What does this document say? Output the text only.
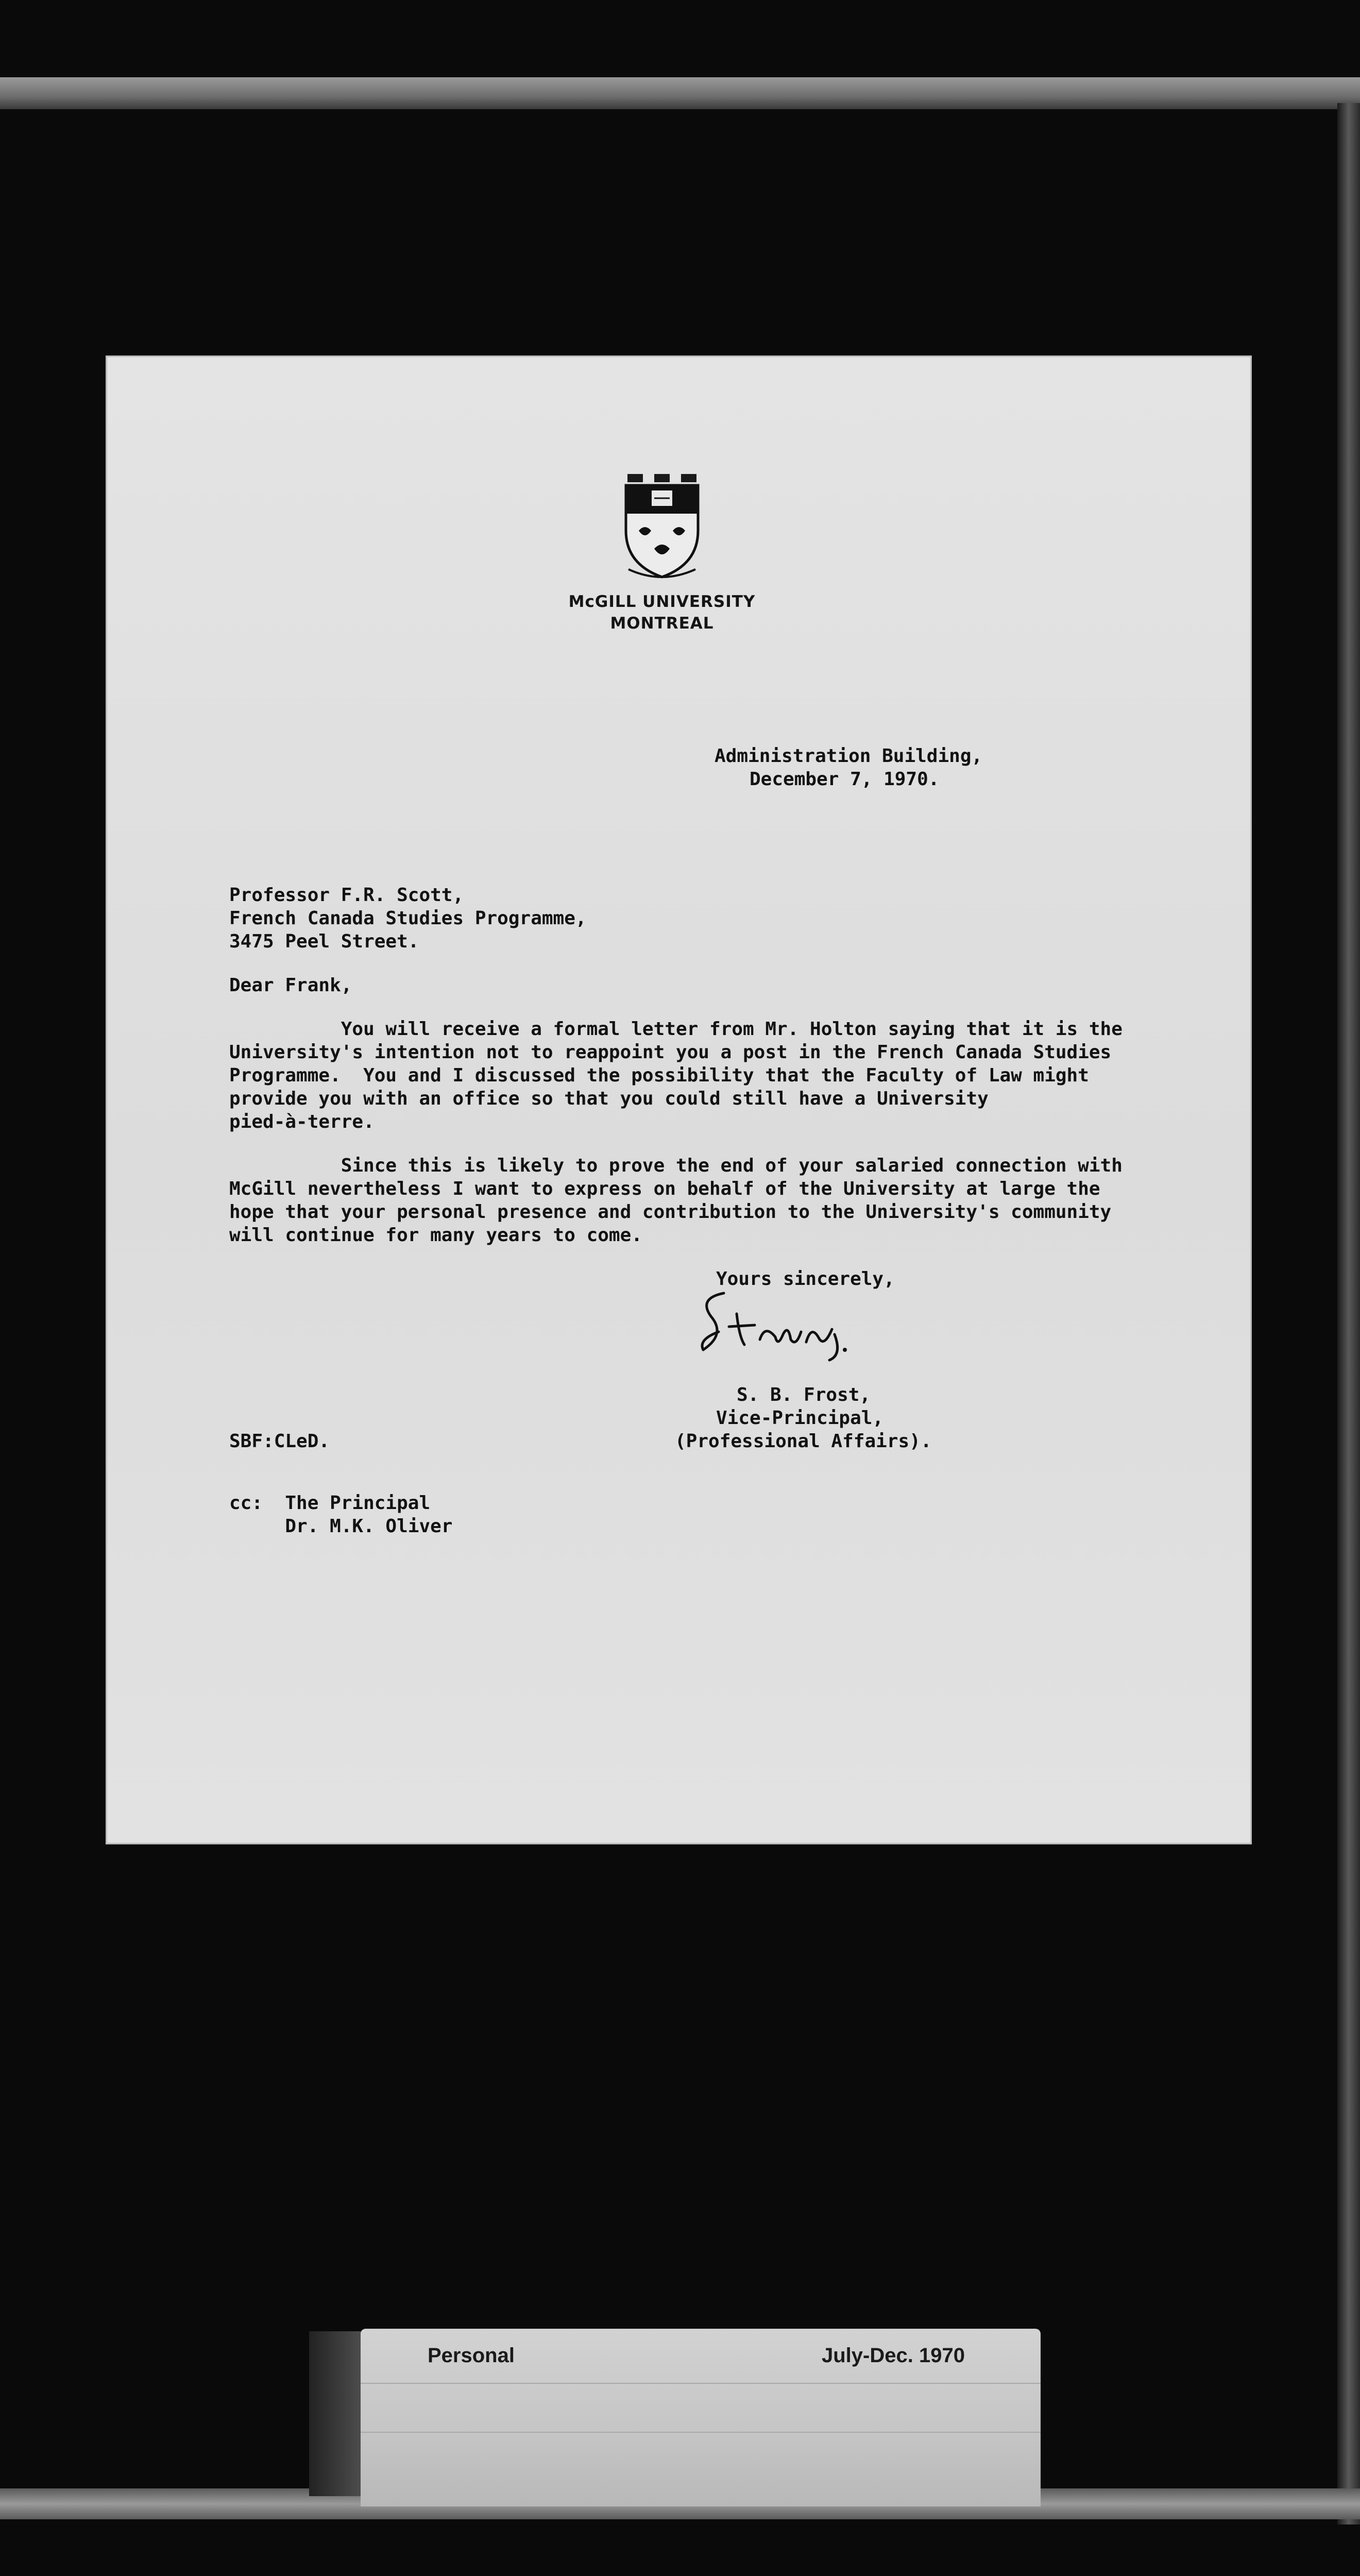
McGILL UNIVERSITY
MONTREAL
Administration Building,
December 7, 1970.
Professor F.R. Scott,
French Canada Studies Programme,
3475 Peel Street.
Dear Frank,
You will receive a formal letter from Mr. Holton saying that it is the
University's intention not to reappoint you a post in the French Canada Studies
Programme.  You and I discussed the possibility that the Faculty of Law might
provide you with an office so that you could still have a University
pied-à-terre.
Since this is likely to prove the end of your salaried connection with
McGill nevertheless I want to express on behalf of the University at large the
hope that your personal presence and contribution to the University's community
will continue for many years to come.
Yours sincerely,
S. B. Frost,
Vice-Principal,
(Professional Affairs).
SBF:CLeD.
cc:  The Principal
Dr. M.K. Oliver
Personal	July-Dec. 1970
